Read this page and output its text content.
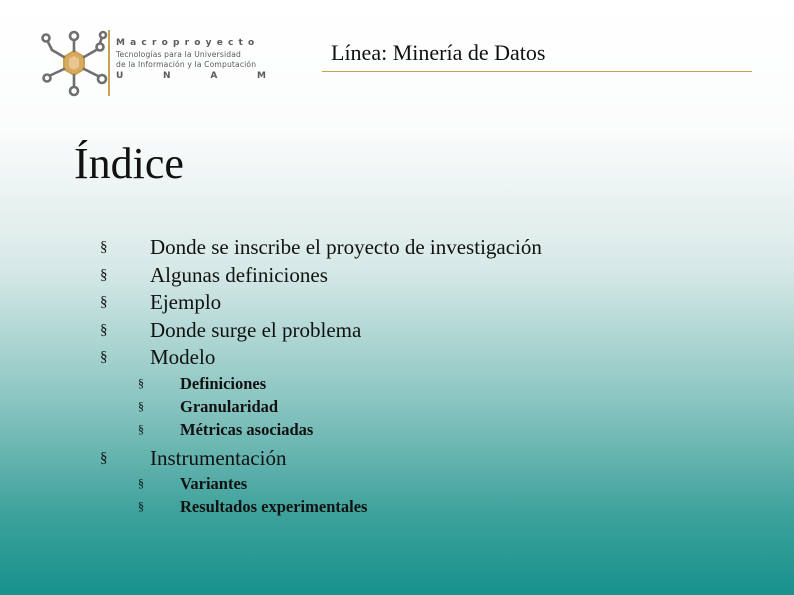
Macroproyecto
Tecnologías para la Universidad
de la Información y la Computación
U	N	A	M
Línea: Minería de Datos
Índice
§ Donde se inscribe el proyecto de investigación
§ Algunas definiciones
§ Ejemplo
§ Donde surge el problema
§ Modelo
§ Definiciones
§ Granularidad
§ Métricas asociadas
§ Instrumentación
§ Variantes
§ Resultados experimentales
